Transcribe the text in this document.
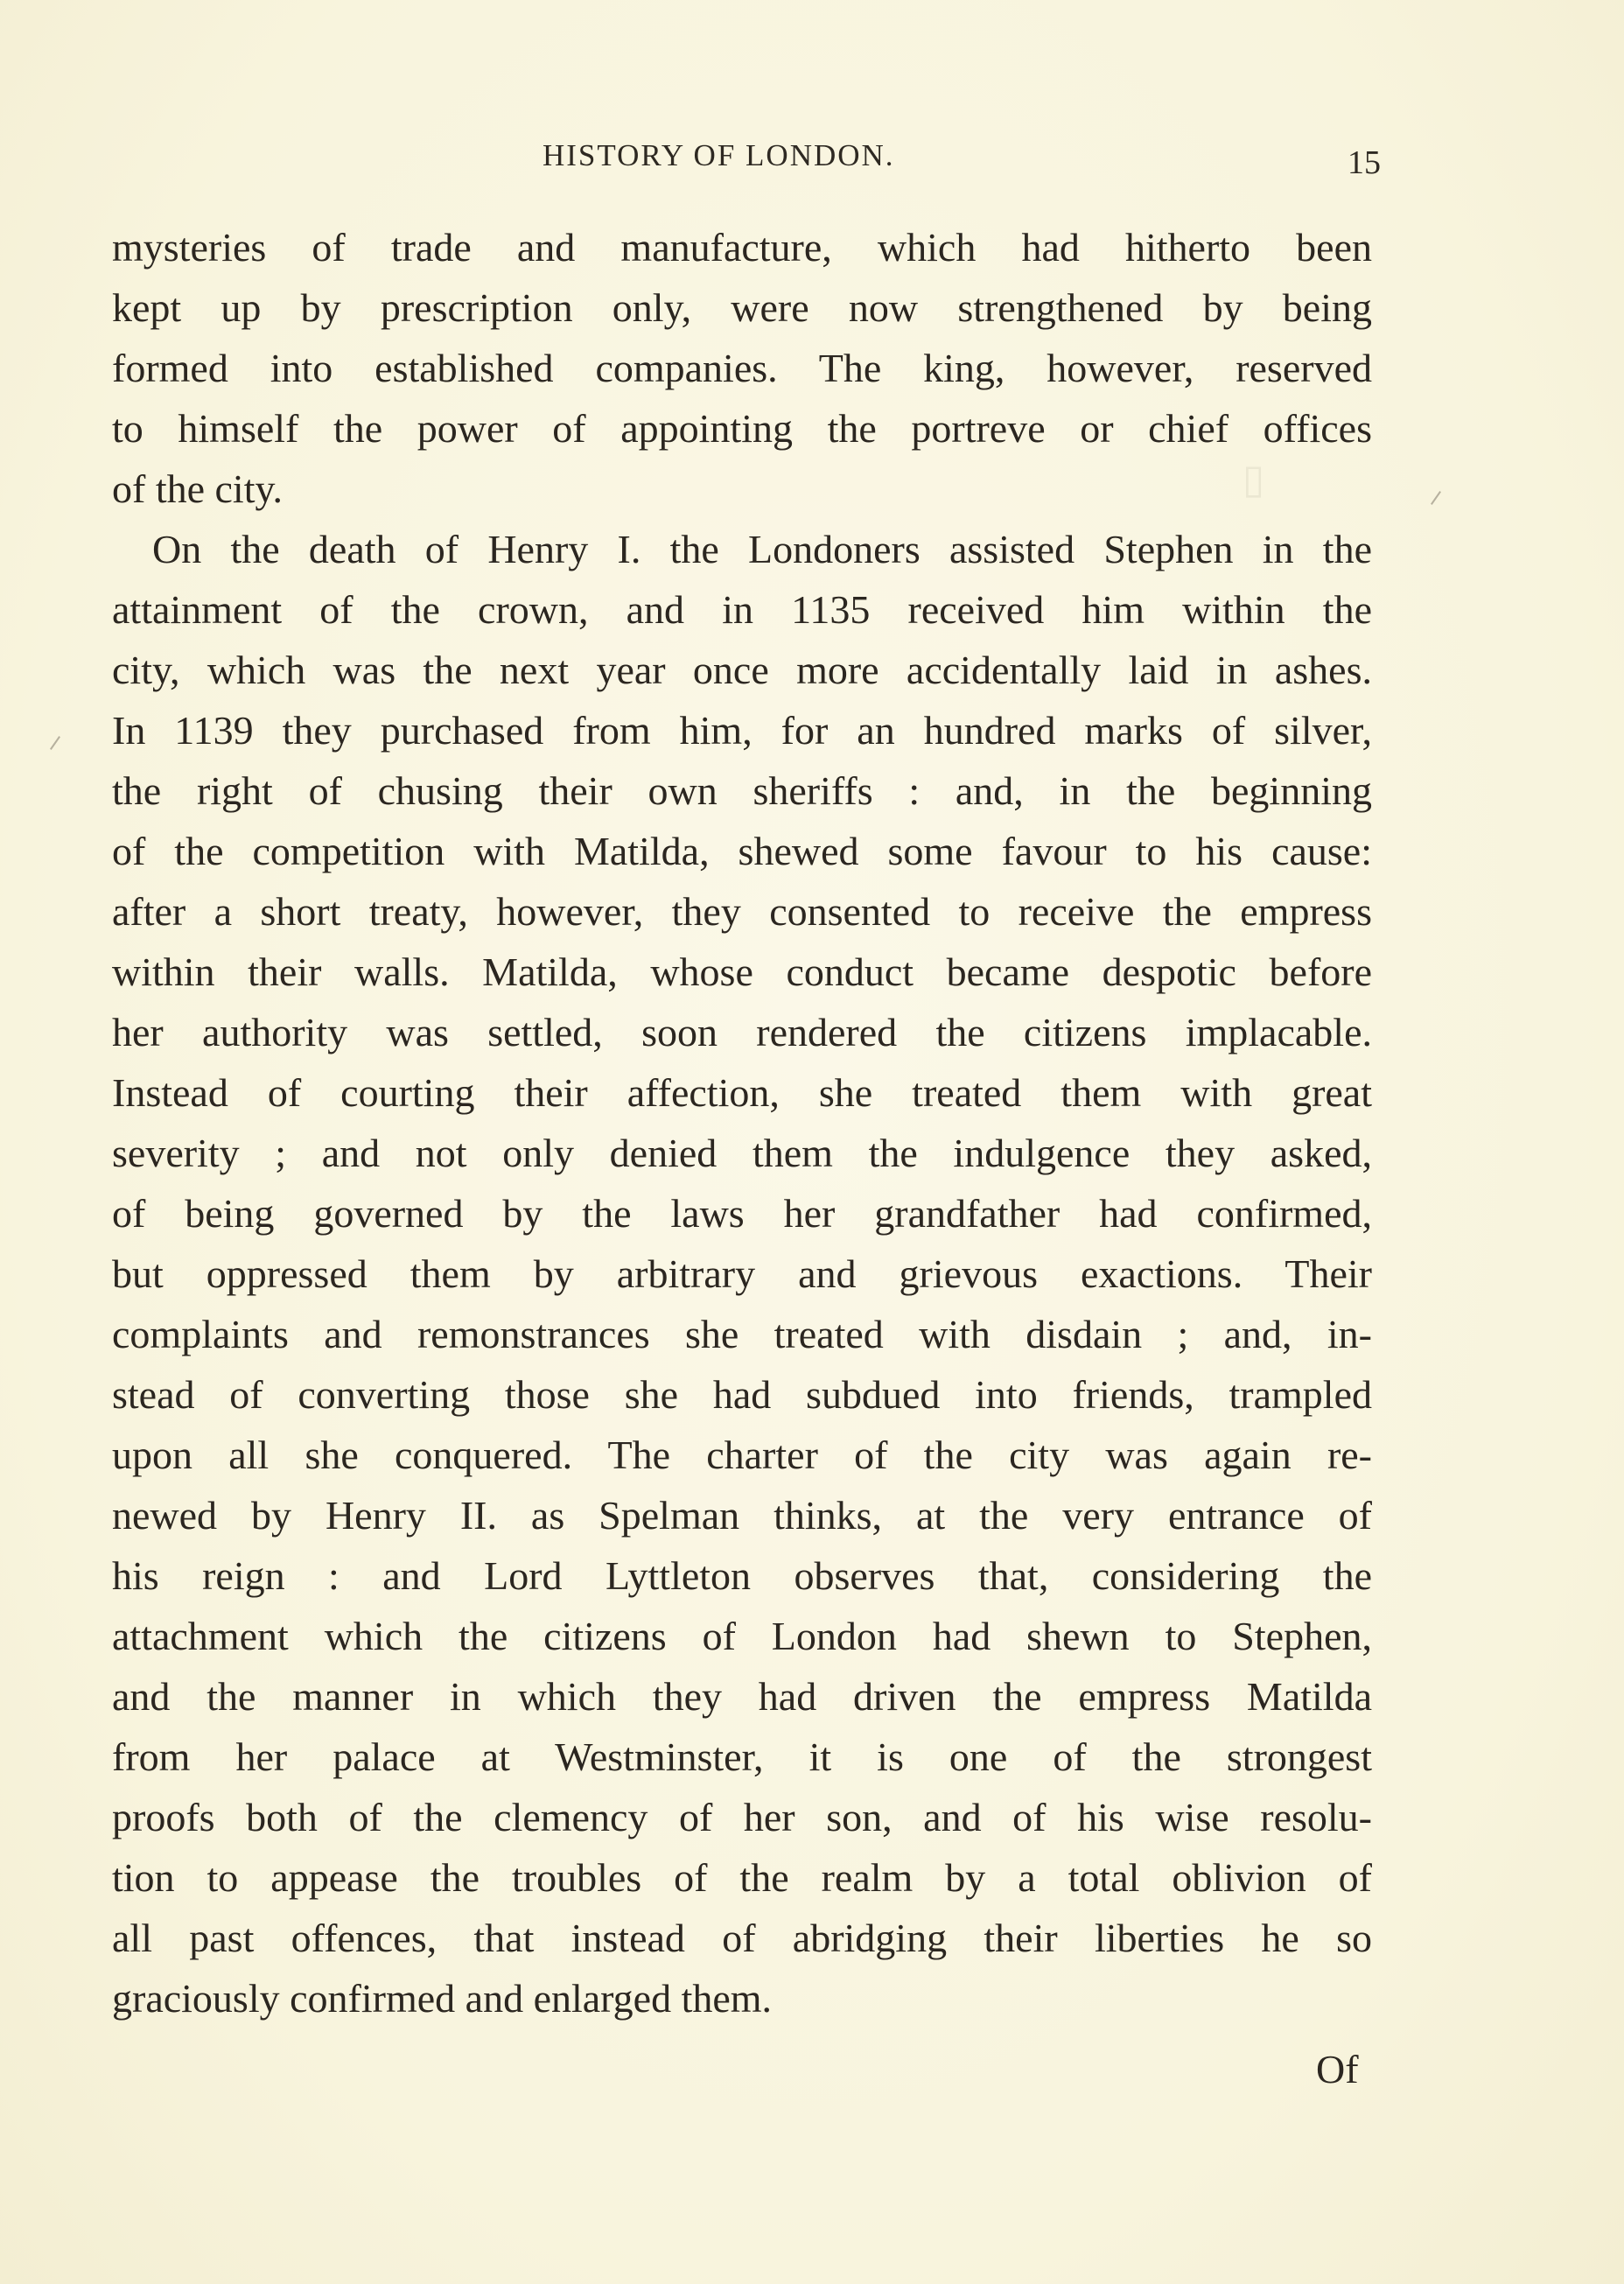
HISTORY OF LONDON.	15
▯
mysteries of trade and manufacture, which had hitherto been
kept up by prescription only, were now strengthened by being
formed into established companies. The king, however, reserved
to himself the power of appointing the portreve or chief offices
of the city.
On the death of Henry I. the Londoners assisted Stephen in the
attainment of the crown, and in 1135 received him within the
city, which was the next year once more accidentally laid in ashes.
In 1139 they purchased from him, for an hundred marks of silver,
the right of chusing their own sheriffs : and, in the beginning
of the competition with Matilda, shewed some favour to his cause:
after a short treaty, however, they consented to receive the empress
within their walls. Matilda, whose conduct became despotic before
her authority was settled, soon rendered the citizens implacable.
Instead of courting their affection, she treated them with great
severity ; and not only denied them the indulgence they asked,
of being governed by the laws her grandfather had confirmed,
but oppressed them by arbitrary and grievous exactions. Their
complaints and remonstrances she treated with disdain ; and, in-
stead of converting those she had subdued into friends, trampled
upon all she conquered. The charter of the city was again re-
newed by Henry II. as Spelman thinks, at the very entrance of
his reign : and Lord Lyttleton observes that, considering the
attachment which the citizens of London had shewn to Stephen,
and the manner in which they had driven the empress Matilda
from her palace at Westminster, it is one of the strongest
proofs both of the clemency of her son, and of his wise resolu-
tion to appease the troubles of the realm by a total oblivion of
all past offences, that instead of abridging their liberties he so
graciously confirmed and enlarged them.
Of
